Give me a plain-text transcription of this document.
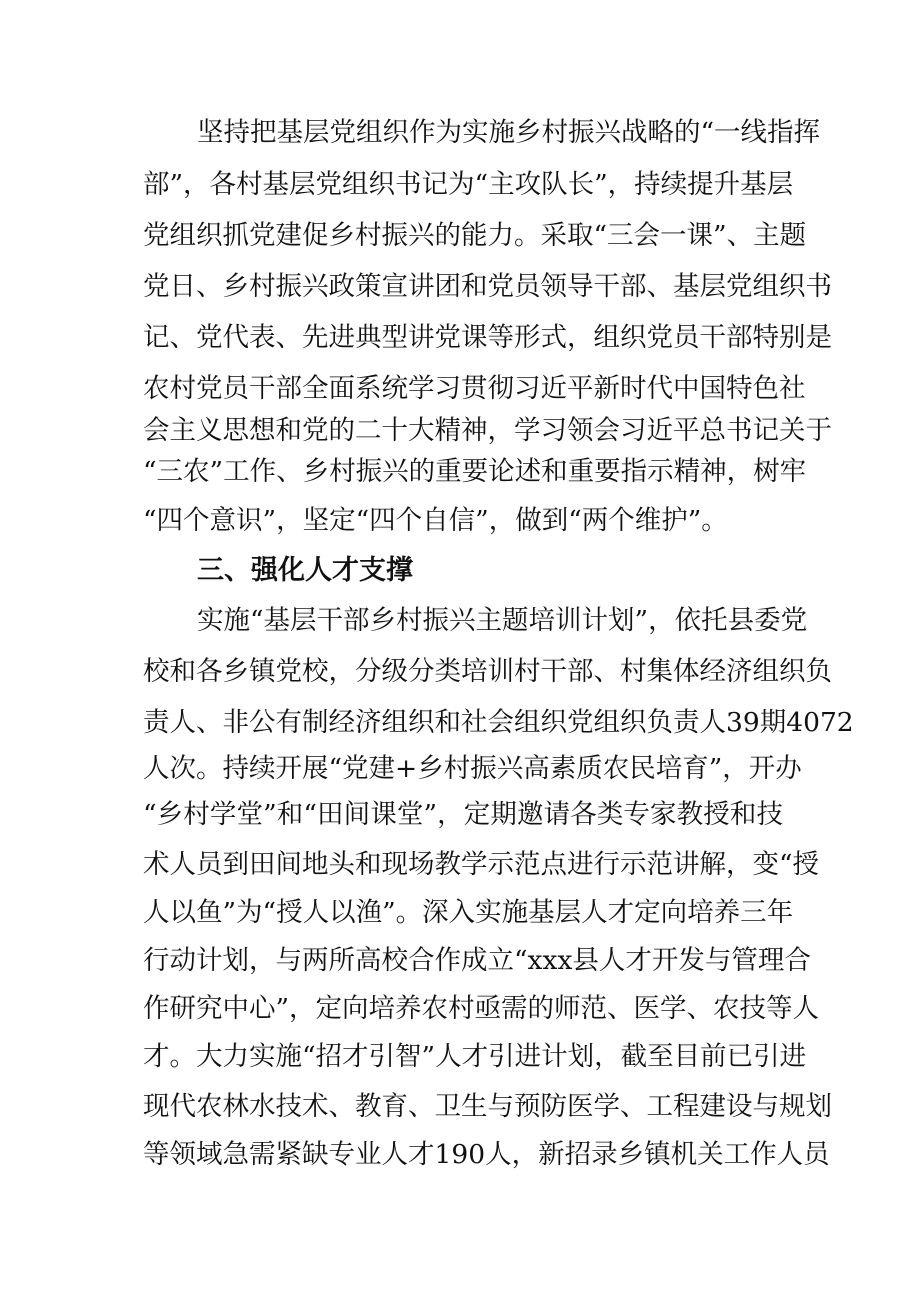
坚持把基层党组织作为实施乡村振兴战略的“一线指挥
部”，各村基层党组织书记为“主攻队长”，持续提升基层
党组织抓党建促乡村振兴的能力。采取“三会一课”、主题
党日、乡村振兴政策宣讲团和党员领导干部、基层党组织书
记、党代表、先进典型讲党课等形式，组织党员干部特别是
农村党员干部全面系统学习贯彻习近平新时代中国特色社
会主义思想和党的二十大精神，学习领会习近平总书记关于
“三农”工作、乡村振兴的重要论述和重要指示精神，树牢
“四个意识”，坚定“四个自信”，做到“两个维护”。
三、强化人才支撑
实施“基层干部乡村振兴主题培训计划”，依托县委党
校和各乡镇党校，分级分类培训村干部、村集体经济组织负
责人、非公有制经济组织和社会组织党组织负责人39期4072
人次。持续开展“党建+乡村振兴高素质农民培育”，开办
“乡村学堂”和“田间课堂”，定期邀请各类专家教授和技
术人员到田间地头和现场教学示范点进行示范讲解，变“授
人以鱼”为“授人以渔”。深入实施基层人才定向培养三年
行动计划，与两所高校合作成立“xxx县人才开发与管理合
作研究中心”，定向培养农村亟需的师范、医学、农技等人
才。大力实施“招才引智”人才引进计划，截至目前已引进
现代农林水技术、教育、卫生与预防医学、工程建设与规划
等领域急需紧缺专业人才190人，新招录乡镇机关工作人员
